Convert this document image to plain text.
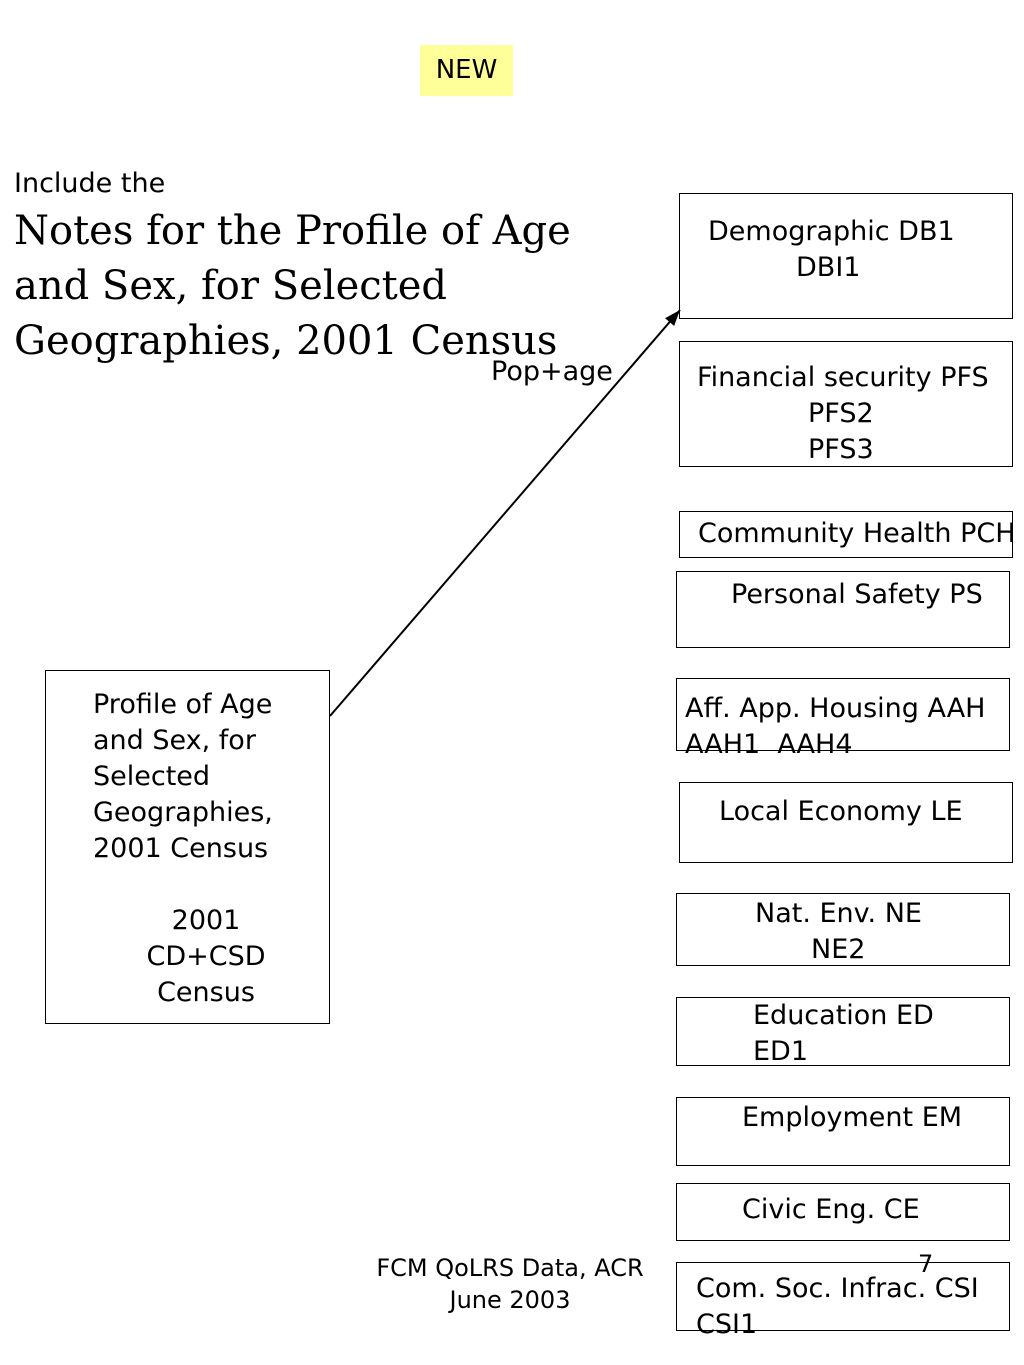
NEW
Include the
Notes for the Profile of Age and Sex, for Selected Geographies, 2001 Census
Pop+age
Profile of Age
and Sex, for
Selected
Geographies,
2001 Census
2001
CD+CSD
Census
Demographic DB1
DBI1
Financial security PFS
PFS2
PFS3
Community Health PCH
Personal Safety PS
Aff. App. Housing AAH
AAH1  AAH4
Local Economy LE
Nat. Env. NE
NE2
Education ED
ED1
Employment EM
Civic Eng. CE
Com. Soc. Infrac. CSI
CSI1
FCM QoLRS Data, ACR
June 2003
7
